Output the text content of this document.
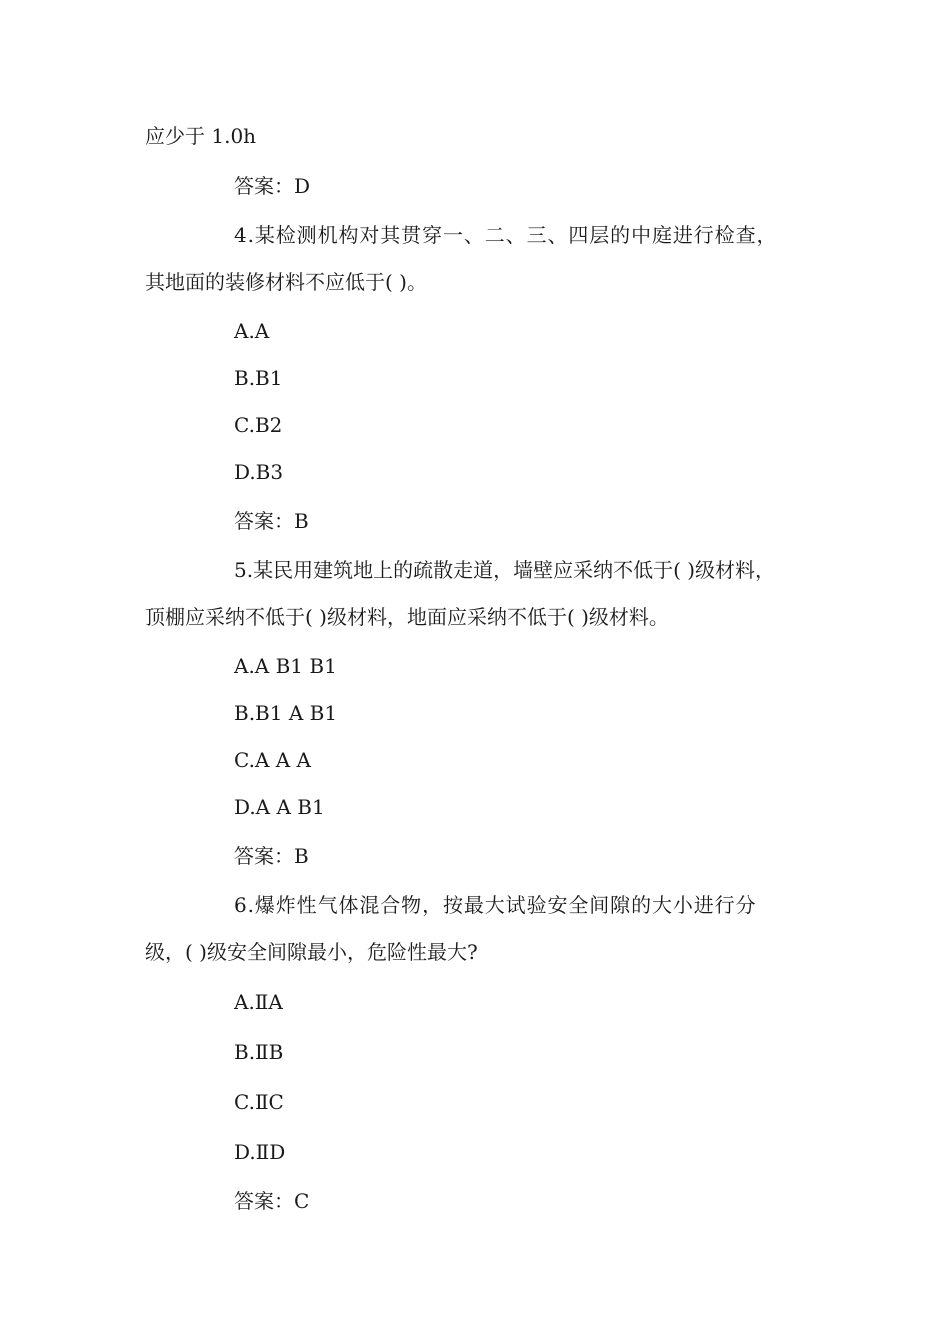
应少于 1.0h
答案：D
4.某检测机构对其贯穿一、二、三、四层的中庭进行检查，
其地面的装修材料不应低于( )。
A.A
B.B1
C.B2
D.B3
答案：B
5.某民用建筑地上的疏散走道，墙壁应采纳不低于( )级材料，
顶棚应采纳不低于( )级材料，地面应采纳不低于( )级材料。
A.A B1 B1
B.B1 A B1
C.A A A
D.A A B1
答案：B
6.爆炸性气体混合物，按最大试验安全间隙的大小进行分
级，( )级安全间隙最小，危险性最大?
A.ⅡA
B.ⅡB
C.ⅡC
D.ⅡD
答案：C
